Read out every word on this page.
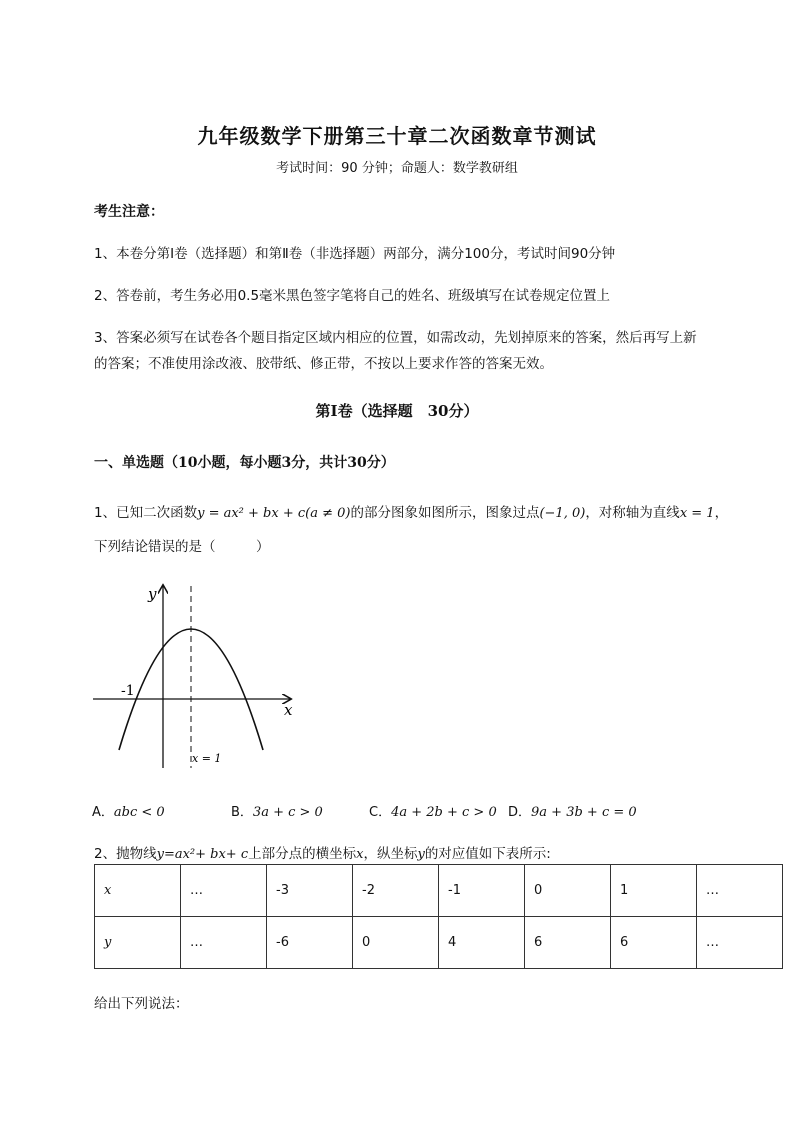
九年级数学下册第三十章二次函数章节测试
考试时间：90 分钟；命题人：数学教研组
考生注意：
1、本卷分第I卷（选择题）和第Ⅱ卷（非选择题）两部分，满分100分，考试时间90分钟
2、答卷前，考生务必用0.5毫米黑色签字笔将自己的姓名、班级填写在试卷规定位置上
3、答案必须写在试卷各个题目指定区域内相应的位置，如需改动，先划掉原来的答案，然后再写上新
的答案；不准使用涂改液、胶带纸、修正带，不按以上要求作答的答案无效。
第I卷（选择题　30分）
一、单选题（10小题，每小题3分，共计30分）
1、已知二次函数y = ax² + bx + c(a ≠ 0)的部分图象如图所示，图象过点(−1, 0)，对称轴为直线x = 1，
下列结论错误的是（　　　）
y
x
-1
x = 1
A．abc < 0	B．3a + c > 0	C．4a + 2b + c > 0 D．9a + 3b + c = 0
2、抛物线y=ax²+ bx+ c上部分点的横坐标x，纵坐标y的对应值如下表所示:
x	…	-3	-2	-1	0	1	…
y	…	-6	0	4	6	6	…
给出下列说法：
